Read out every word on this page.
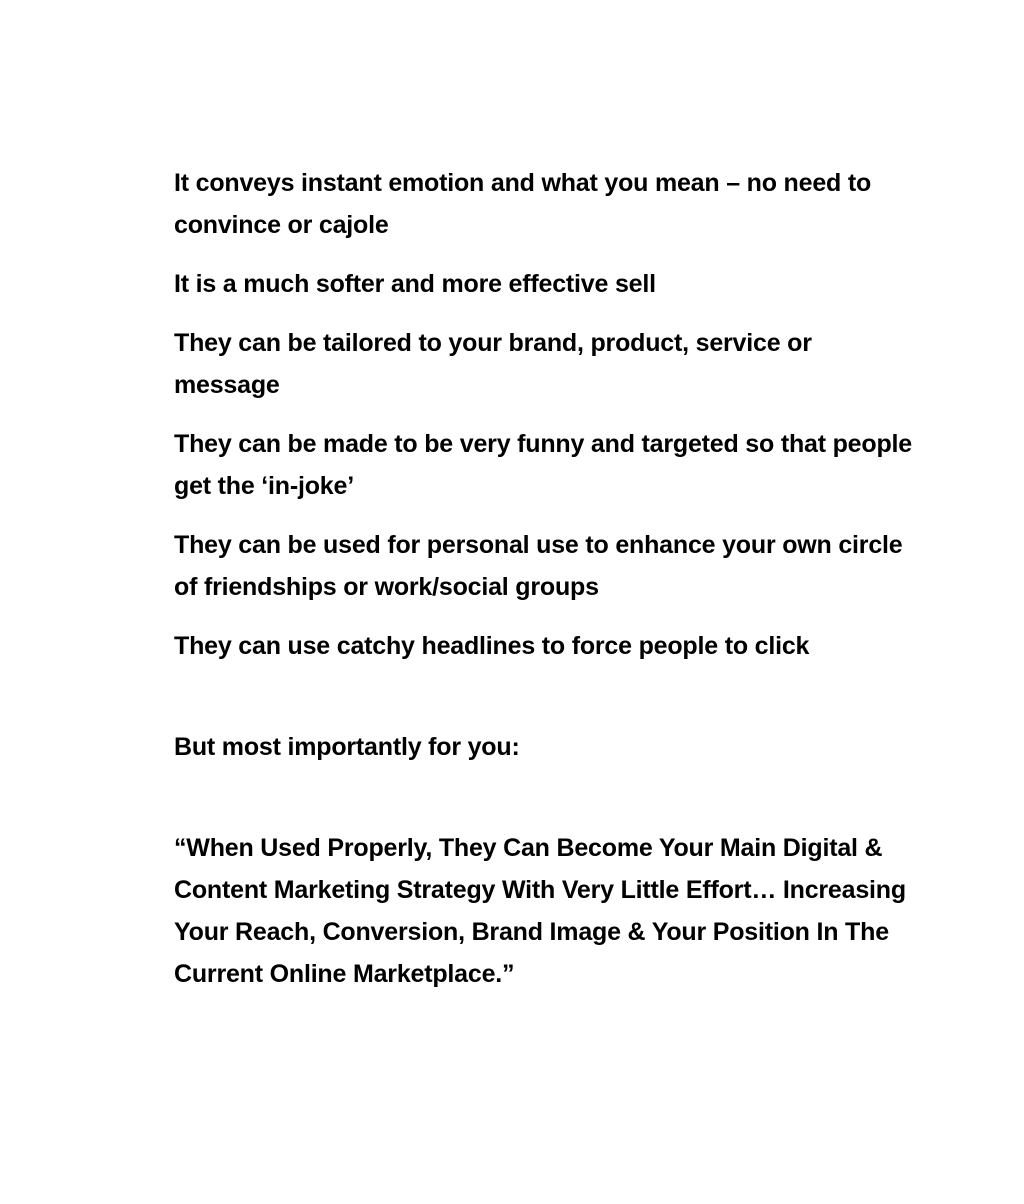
It conveys instant emotion and what you mean – no need to convince or cajole

It is a much softer and more effective sell

They can be tailored to your brand, product, service or message

They can be made to be very funny and targeted so that people get the ‘in-joke’

They can be used for personal use to enhance your own circle of friendships or work/social groups

They can use catchy headlines to force people to click

But most importantly for you:

“When Used Properly, They Can Become Your Main Digital & Content Marketing Strategy With Very Little Effort… Increasing Your Reach, Conversion, Brand Image & Your Position In The Current Online Marketplace.”
